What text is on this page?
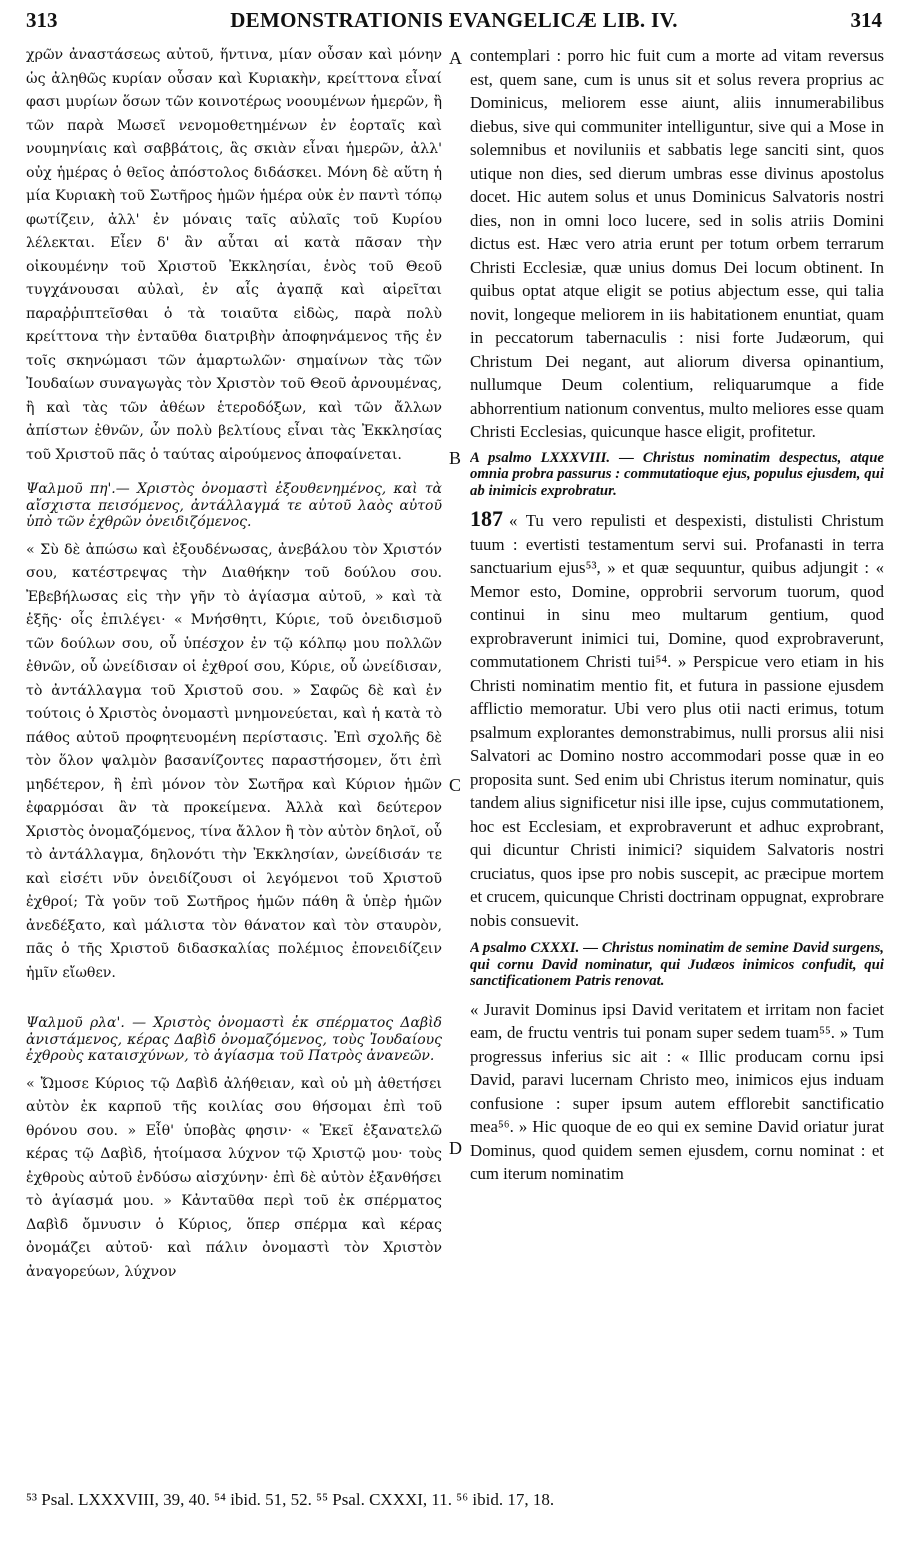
313	DEMONSTRATIONIS EVANGELICÆ LIB. IV.	314

χρῶν ἀναστάσεως αὐτοῦ, ἥντινα, μίαν οὖσαν καὶ μόνην ὡς ἀληθῶς κυρίαν οὖσαν καὶ Κυριακὴν, κρείττονα εἶναί φασι μυρίων ὅσων τῶν κοινοτέρως νοουμένων ἡμερῶν, ἢ τῶν παρὰ Μωσεῖ νενομοθετημένων ἐν ἑορταῖς καὶ νουμηνίαις καὶ σαββάτοις, ἃς σκιὰν εἶναι ἡμερῶν, ἀλλ' οὐχ ἡμέρας ὁ θεῖος ἀπόστολος διδάσκει. Μόνη δὲ αὕτη ἡ μία Κυριακὴ τοῦ Σωτῆρος ἡμῶν ἡμέρα οὐκ ἐν παντὶ τόπῳ φωτίζειν, ἀλλ' ἐν μόναις ταῖς αὐλαῖς τοῦ Κυρίου λέλεκται. Εἶεν δ' ἂν αὗται αἱ κατὰ πᾶσαν τὴν οἰκουμένην τοῦ Χριστοῦ Ἐκκλησίαι, ἑνὸς τοῦ Θεοῦ τυγχάνουσαι αὐλαὶ, ἐν αἷς ἀγαπᾷ καὶ αἱρεῖται παραῤῥιπτεῖσθαι ὁ τὰ τοιαῦτα εἰδὼς, παρὰ πολὺ κρείττονα τὴν ἐνταῦθα διατριβὴν ἀποφηνάμενος τῆς ἐν τοῖς σκηνώμασι τῶν ἁμαρτωλῶν· σημαίνων τὰς τῶν Ἰουδαίων συναγωγὰς τὸν Χριστὸν τοῦ Θεοῦ ἀρνουμένας, ἢ καὶ τὰς τῶν ἀθέων ἑτεροδόξων, καὶ τῶν ἄλλων ἀπίστων ἐθνῶν, ὧν πολὺ βελτίους εἶναι τὰς Ἐκκλησίας τοῦ Χριστοῦ πᾶς ὁ ταύτας αἱρούμενος ἀποφαίνεται.

Ψαλμοῦ πη'.— Χριστὸς ὀνομαστὶ ἐξουθενημένος, καὶ τὰ αἴσχιστα πεισόμενος, ἀντάλλαγμά τε αὐτοῦ λαὸς αὐτοῦ ὑπὸ τῶν ἐχθρῶν ὀνειδιζόμενος.

« Σὺ δὲ ἀπώσω καὶ ἐξουδένωσας, ἀνεβάλου τὸν Χριστόν σου, κατέστρεψας τὴν Διαθήκην τοῦ δούλου σου. Ἐβεβήλωσας εἰς τὴν γῆν τὸ ἁγίασμα αὐτοῦ, » καὶ τὰ ἑξῆς· οἷς ἐπιλέγει· « Μνήσθητι, Κύριε, τοῦ ὀνειδισμοῦ τῶν δούλων σου, οὗ ὑπέσχον ἐν τῷ κόλπῳ μου πολλῶν ἐθνῶν, οὗ ὠνείδισαν οἱ ἐχθροί σου, Κύριε, οὗ ὠνείδισαν, τὸ ἀντάλλαγμα τοῦ Χριστοῦ σου. » Σαφῶς δὲ καὶ ἐν τούτοις ὁ Χριστὸς ὀνομαστὶ μνημονεύεται, καὶ ἡ κατὰ τὸ πάθος αὐτοῦ προφητευομένη περίστασις. Ἐπὶ σχολῆς δὲ τὸν ὅλον ψαλμὸν βασανίζοντες παραστήσομεν, ὅτι ἐπὶ μηδέτερον, ἢ ἐπὶ μόνον τὸν Σωτῆρα καὶ Κύριον ἡμῶν ἐφαρμόσαι ἂν τὰ προκείμενα. Ἀλλὰ καὶ δεύτερον Χριστὸς ὀνομαζόμενος, τίνα ἄλλον ἢ τὸν αὐτὸν δηλοῖ, οὗ τὸ ἀντάλλαγμα, δηλονότι τὴν Ἐκκλησίαν, ὠνείδισάν τε καὶ εἰσέτι νῦν ὀνειδίζουσι οἱ λεγόμενοι τοῦ Χριστοῦ ἐχθροί; Τὰ γοῦν τοῦ Σωτῆρος ἡμῶν πάθη ἃ ὑπὲρ ἡμῶν ἀνεδέξατο, καὶ μάλιστα τὸν θάνατον καὶ τὸν σταυρὸν, πᾶς ὁ τῆς Χριστοῦ διδασκαλίας πολέμιος ἐπονειδίζειν ἡμῖν εἴωθεν.

Ψαλμοῦ ρλα'. — Χριστὸς ὀνομαστὶ ἐκ σπέρματος Δαβὶδ ἀνιστάμενος, κέρας Δαβὶδ ὀνομαζόμενος, τοὺς Ἰουδαίους ἐχθροὺς καταισχύνων, τὸ ἁγίασμα τοῦ Πατρὸς ἀνανεῶν.

« Ὤμοσε Κύριος τῷ Δαβὶδ ἀλήθειαν, καὶ οὐ μὴ ἀθετήσει αὐτὸν ἐκ καρποῦ τῆς κοιλίας σου θήσομαι ἐπὶ τοῦ θρόνου σου. » Εἶθ' ὑποβὰς φησιν· « Ἐκεῖ ἐξανατελῶ κέρας τῷ Δαβὶδ, ἡτοίμασα λύχνον τῷ Χριστῷ μου· τοὺς ἐχθροὺς αὐτοῦ ἐνδύσω αἰσχύνην· ἐπὶ δὲ αὐτὸν ἐξανθήσει τὸ ἁγίασμά μου. » Κἀνταῦθα περὶ τοῦ ἐκ σπέρματος Δαβὶδ ὄμνυσιν ὁ Κύριος, ὅπερ σπέρμα καὶ κέρας ὀνομάζει αὐτοῦ· καὶ πάλιν ὀνομαστὶ τὸν Χριστὸν ἀναγορεύων, λύχνον

A
B
C
D

contemplari : porro hic fuit cum a morte ad vitam reversus est, quem sane, cum is unus sit et solus revera proprius ac Dominicus, meliorem esse aiunt, aliis innumerabilibus diebus, sive qui communiter intelliguntur, sive qui a Mose in solemnibus et noviluniis et sabbatis lege sanciti sint, quos utique non dies, sed dierum umbras esse divinus apostolus docet. Hic autem solus et unus Dominicus Salvatoris nostri dies, non in omni loco lucere, sed in solis atriis Domini dictus est. Hæc vero atria erunt per totum orbem terrarum Christi Ecclesiæ, quæ unius domus Dei locum obtinent. In quibus optat atque eligit se potius abjectum esse, qui talia novit, longeque meliorem in iis habitationem enuntiat, quam in peccatorum tabernaculis : nisi forte Judæorum, qui Christum Dei negant, aut aliorum diversa opinantium, nullumque Deum colentium, reliquarumque a fide abhorrentium nationum conventus, multo meliores esse quam Christi Ecclesias, quicunque hasce eligit, profitetur.

A psalmo LXXXVIII. — Christus nominatim despectus, atque omnia probra passurus : commutatioque ejus, populus ejusdem, qui ab inimicis exprobratur.

187 « Tu vero repulisti et despexisti, distulisti Christum tuum : evertisti testamentum servi sui. Profanasti in terra sanctuarium ejus⁵³, » et quæ sequuntur, quibus adjungit : « Memor esto, Domine, opprobrii servorum tuorum, quod continui in sinu meo multarum gentium, quod exprobraverunt inimici tui, Domine, quod exprobraverunt, commutationem Christi tui⁵⁴. » Perspicue vero etiam in his Christi nominatim mentio fit, et futura in passione ejusdem afflictio memoratur. Ubi vero plus otii nacti erimus, totum psalmum explorantes demonstrabimus, nulli prorsus alii nisi Salvatori ac Domino nostro accommodari posse quæ in eo proposita sunt. Sed enim ubi Christus iterum nominatur, quis tandem alius significetur nisi ille ipse, cujus commutationem, hoc est Ecclesiam, et exprobraverunt et adhuc exprobrant, qui dicuntur Christi inimici? siquidem Salvatoris nostri cruciatus, quos ipse pro nobis suscepit, ac præcipue mortem et crucem, quicunque Christi doctrinam oppugnat, exprobrare nobis consuevit.

A psalmo CXXXI. — Christus nominatim de semine David surgens, qui cornu David nominatur, qui Judæos inimicos confudit, qui sanctificationem Patris renovat.

« Juravit Dominus ipsi David veritatem et irritam non faciet eam, de fructu ventris tui ponam super sedem tuam⁵⁵. » Tum progressus inferius sic ait : « Illic producam cornu ipsi David, paravi lucernam Christo meo, inimicos ejus induam confusione : super ipsum autem efflorebit sanctificatio mea⁵⁶. » Hic quoque de eo qui ex semine David oriatur jurat Dominus, quod quidem semen ejusdem, cornu nominat : et cum iterum nominatim

⁵³ Psal. LXXXVIII, 39, 40. ⁵⁴ ibid. 51, 52. ⁵⁵ Psal. CXXXI, 11. ⁵⁶ ibid. 17, 18.
